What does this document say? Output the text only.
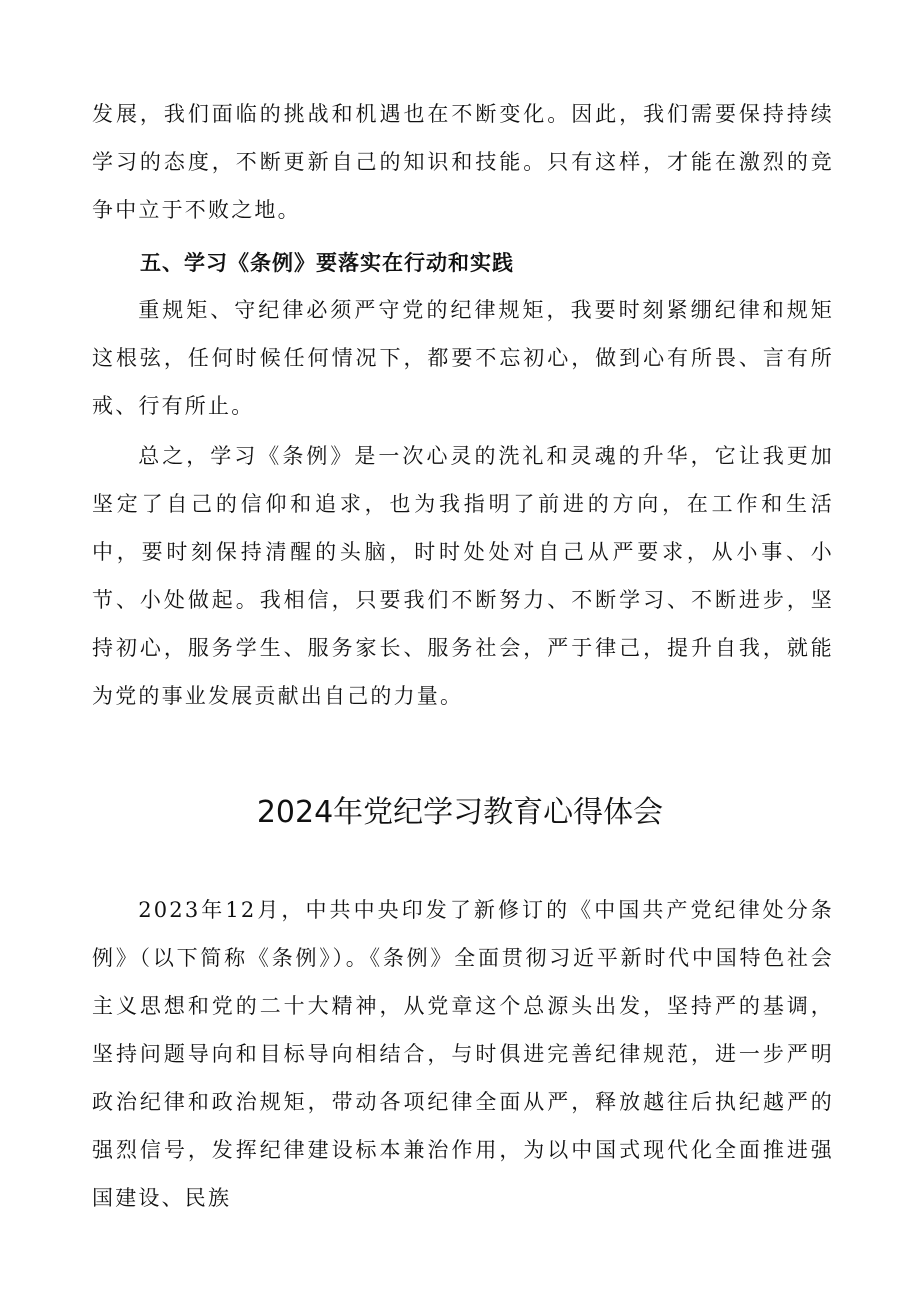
发展，我们面临的挑战和机遇也在不断变化。因此，我们需要保持持续学习的态度，不断更新自己的知识和技能。只有这样，才能在激烈的竞争中立于不败之地。

五、学习《条例》要落实在行动和实践

重规矩、守纪律必须严守党的纪律规矩，我要时刻紧绷纪律和规矩这根弦，任何时候任何情况下，都要不忘初心，做到心有所畏、言有所戒、行有所止。

总之，学习《条例》是一次心灵的洗礼和灵魂的升华，它让我更加坚定了自己的信仰和追求，也为我指明了前进的方向，在工作和生活中，要时刻保持清醒的头脑，时时处处对自己从严要求，从小事、小节、小处做起。我相信，只要我们不断努力、不断学习、不断进步，坚持初心，服务学生、服务家长、服务社会，严于律己，提升自我，就能为党的事业发展贡献出自己的力量。

2024年党纪学习教育心得体会

2023年12月，中共中央印发了新修订的《中国共产党纪律处分条例》（以下简称《条例》）。《条例》全面贯彻习近平新时代中国特色社会主义思想和党的二十大精神，从党章这个总源头出发，坚持严的基调，坚持问题导向和目标导向相结合，与时俱进完善纪律规范，进一步严明政治纪律和政治规矩，带动各项纪律全面从严，释放越往后执纪越严的强烈信号，发挥纪律建设标本兼治作用，为以中国式现代化全面推进强国建设、民族
